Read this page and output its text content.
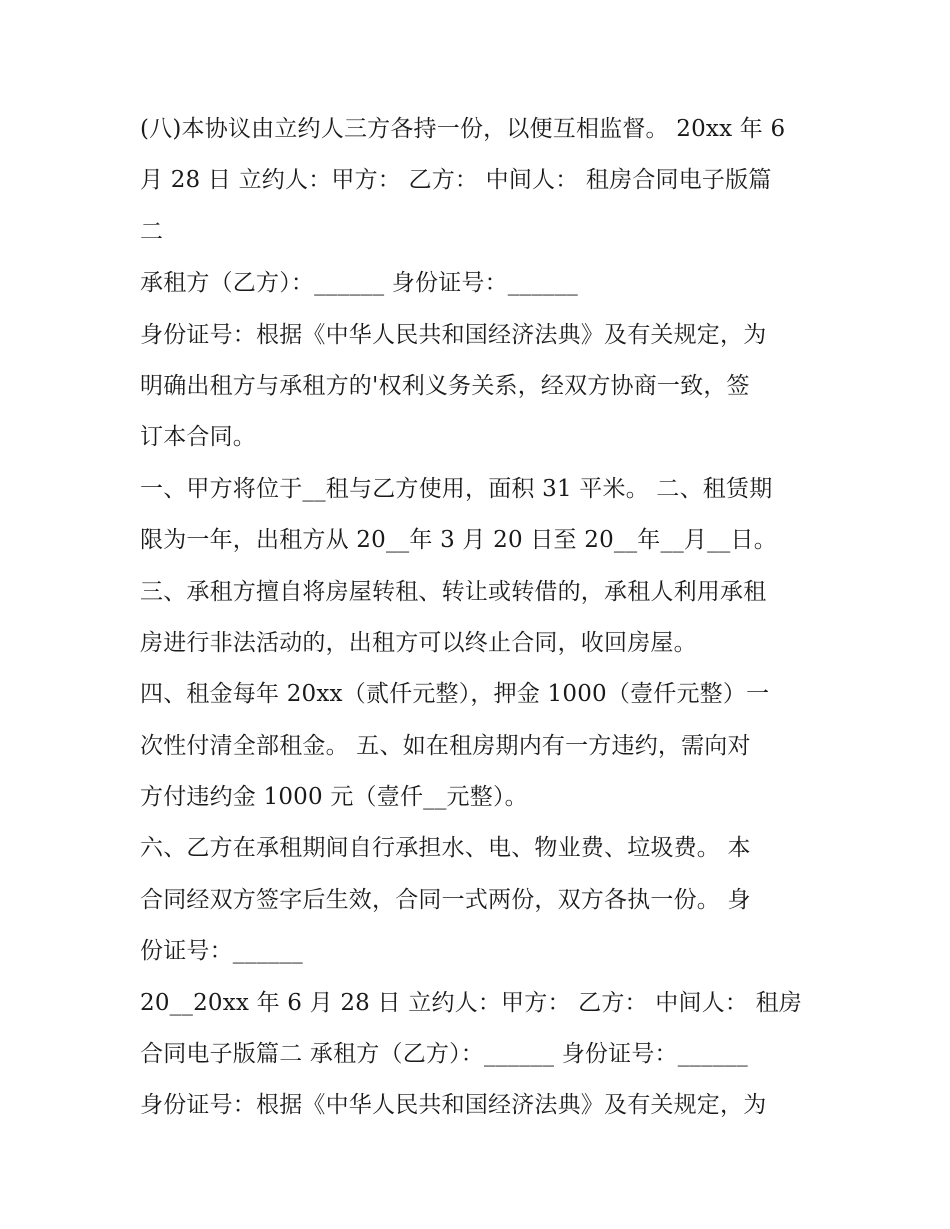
(八)本协议由立约人三方各持一份，以便互相监督。 20xx 年 6
月 28 日 立约人：甲方： 乙方： 中间人： 租房合同电子版篇
二
承租方（乙方）：______ 身份证号：______
身份证号：根据《中华人民共和国经济法典》及有关规定，为
明确出租方与承租方的'权利义务关系，经双方协商一致，签
订本合同。
一、甲方将位于__租与乙方使用，面积 31 平米。 二、租赁期
限为一年，出租方从 20__年 3 月 20 日至 20__年__月__日。
三、承租方擅自将房屋转租、转让或转借的，承租人利用承租
房进行非法活动的，出租方可以终止合同，收回房屋。
四、租金每年 20xx（贰仟元整），押金 1000（壹仟元整）一
次性付清全部租金。 五、如在租房期内有一方违约，需向对
方付违约金 1000 元（壹仟__元整）。
六、乙方在承租期间自行承担水、电、物业费、垃圾费。 本
合同经双方签字后生效，合同一式两份，双方各执一份。 身
份证号：______
20__20xx 年 6 月 28 日 立约人：甲方： 乙方： 中间人： 租房
合同电子版篇二 承租方（乙方）：______ 身份证号：______
身份证号：根据《中华人民共和国经济法典》及有关规定，为
